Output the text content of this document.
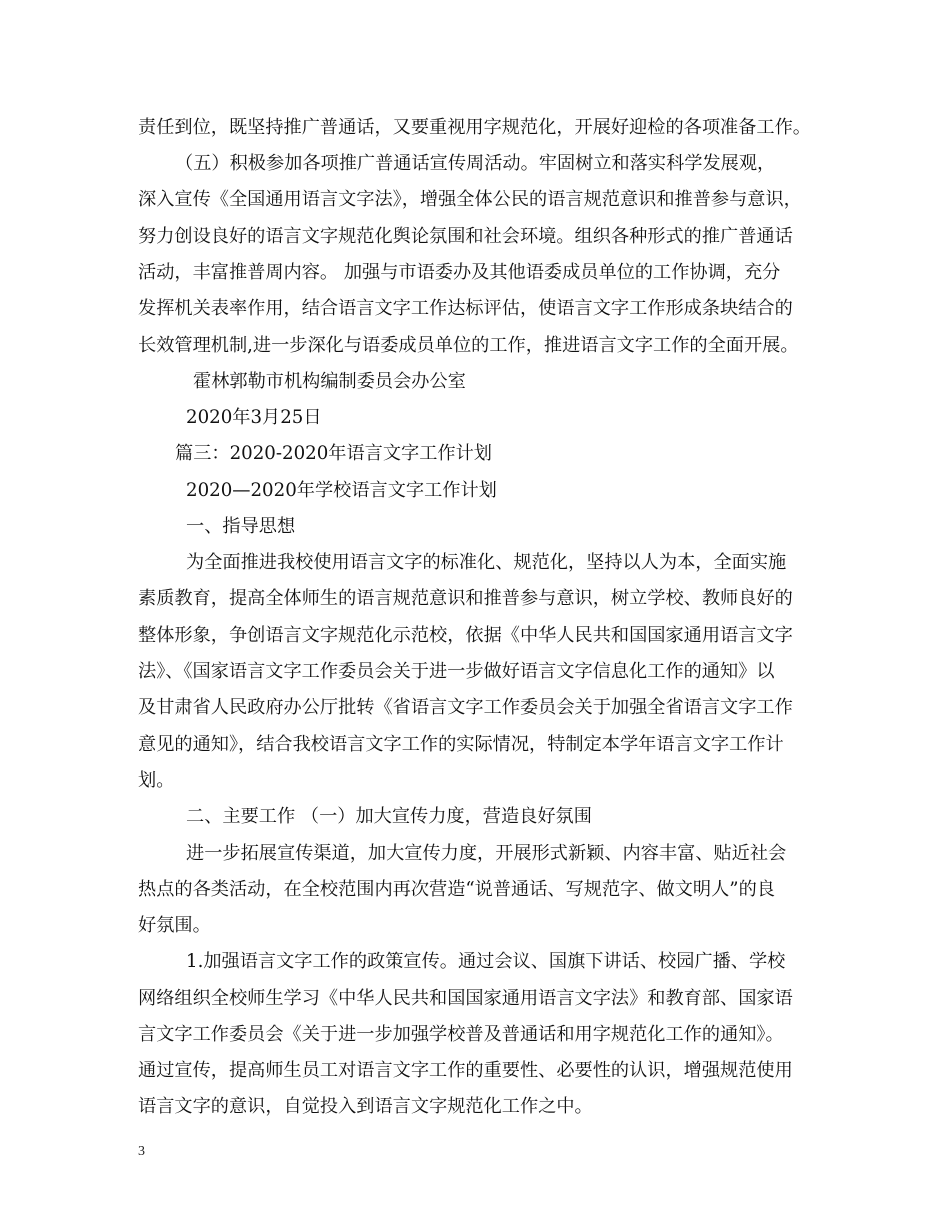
责任到位，既坚持推广普通话，又要重视用字规范化，开展好迎检的各项准备工作。
（五）积极参加各项推广普通话宣传周活动。牢固树立和落实科学发展观，
深入宣传《全国通用语言文字法》，增强全体公民的语言规范意识和推普参与意识，
努力创设良好的语言文字规范化舆论氛围和社会环境。组织各种形式的推广普通话
活动，丰富推普周内容。 加强与市语委办及其他语委成员单位的工作协调，充分
发挥机关表率作用，结合语言文字工作达标评估，使语言文字工作形成条块结合的
长效管理机制,进一步深化与语委成员单位的工作，推进语言文字工作的全面开展。
霍林郭勒市机构编制委员会办公室
2020年3月25日
篇三：2020-2020年语言文字工作计划
2020—2020年学校语言文字工作计划
一、指导思想
为全面推进我校使用语言文字的标准化、规范化，坚持以人为本，全面实施
素质教育，提高全体师生的语言规范意识和推普参与意识，树立学校、教师良好的
整体形象，争创语言文字规范化示范校，依据《中华人民共和国国家通用语言文字
法》、《国家语言文字工作委员会关于进一步做好语言文字信息化工作的通知》以
及甘肃省人民政府办公厅批转《省语言文字工作委员会关于加强全省语言文字工作
意见的通知》，结合我校语言文字工作的实际情况，特制定本学年语言文字工作计
划。
二、主要工作 （一）加大宣传力度，营造良好氛围
进一步拓展宣传渠道，加大宣传力度，开展形式新颖、内容丰富、贴近社会
热点的各类活动，在全校范围内再次营造“说普通话、写规范字、做文明人”的良
好氛围。
1.加强语言文字工作的政策宣传。通过会议、国旗下讲话、校园广播、学校
网络组织全校师生学习《中华人民共和国国家通用语言文字法》和教育部、国家语
言文字工作委员会《关于进一步加强学校普及普通话和用字规范化工作的通知》。
通过宣传，提高师生员工对语言文字工作的重要性、必要性的认识，增强规范使用
语言文字的意识，自觉投入到语言文字规范化工作之中。
3
